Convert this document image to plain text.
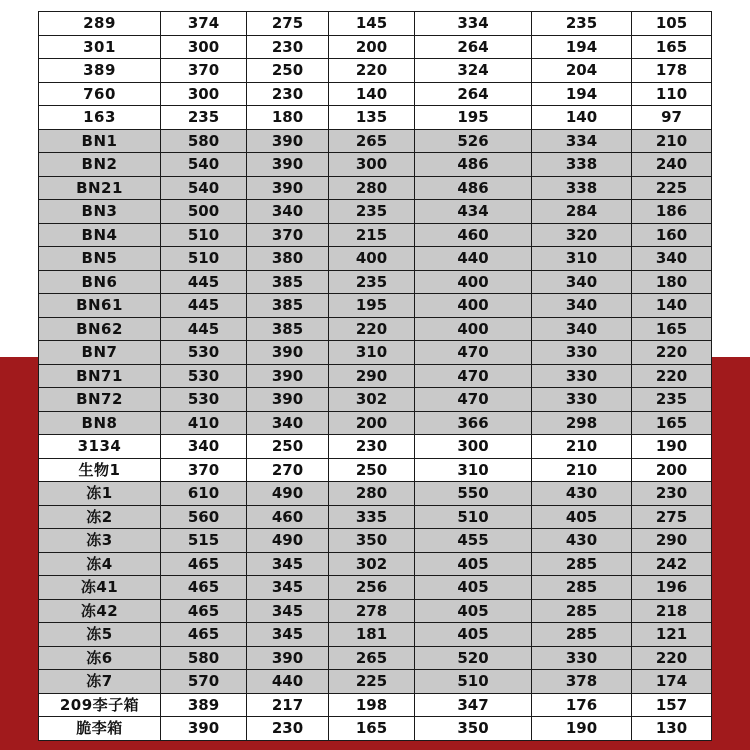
289	374	275	145	334	235	105
301	300	230	200	264	194	165
389	370	250	220	324	204	178
760	300	230	140	264	194	110
163	235	180	135	195	140	97
BN1	580	390	265	526	334	210
BN2	540	390	300	486	338	240
BN21	540	390	280	486	338	225
BN3	500	340	235	434	284	186
BN4	510	370	215	460	320	160
BN5	510	380	400	440	310	340
BN6	445	385	235	400	340	180
BN61	445	385	195	400	340	140
BN62	445	385	220	400	340	165
BN7	530	390	310	470	330	220
BN71	530	390	290	470	330	220
BN72	530	390	302	470	330	235
BN8	410	340	200	366	298	165
3134	340	250	230	300	210	190
生物1	370	270	250	310	210	200
冻1	610	490	280	550	430	230
冻2	560	460	335	510	405	275
冻3	515	490	350	455	430	290
冻4	465	345	302	405	285	242
冻41	465	345	256	405	285	196
冻42	465	345	278	405	285	218
冻5	465	345	181	405	285	121
冻6	580	390	265	520	330	220
冻7	570	440	225	510	378	174
209李子箱	389	217	198	347	176	157
脆李箱	390	230	165	350	190	130
